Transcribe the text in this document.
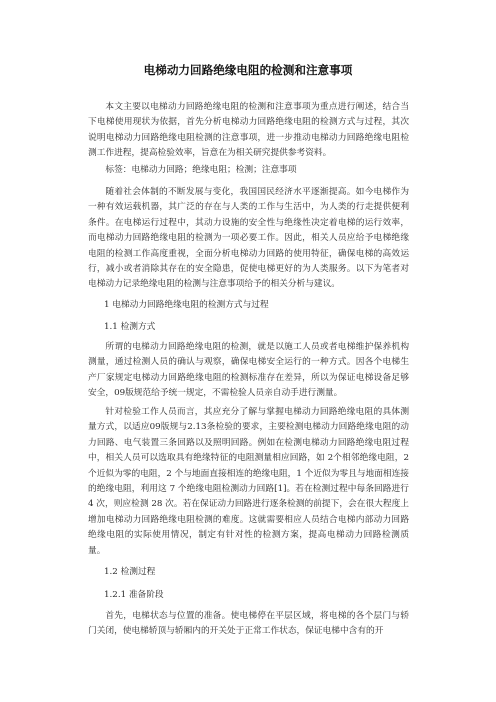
电梯动力回路绝缘电阻的检测和注意事项

本文主要以电梯动力回路绝缘电阻的检测和注意事项为重点进行阐述，结合当下电梯使用现状为依据，首先分析电梯动力回路绝缘电阻的检测方式与过程，其次说明电梯动力回路绝缘电阻检测的注意事项，进一步推动电梯动力回路绝缘电阻检测工作进程，提高检验效率，旨意在为相关研究提供参考资料。

标签：电梯动力回路；绝缘电阻；检测；注意事项

随着社会体制的不断发展与变化，我国国民经济水平逐渐提高。如今电梯作为一种有效运载机器，其广泛的存在与人类的工作与生活中，为人类的行走提供便利条件。在电梯运行过程中，其动力设施的安全性与绝缘性决定着电梯的运行效率，而电梯动力回路绝缘电阻的检测为一项必要工作。因此，相关人员应给予电梯绝缘电阻的检测工作高度重视，全面分析电梯动力回路的使用特征，确保电梯的高效运行，减小或者消除其存在的安全隐患，促使电梯更好的为人类服务。以下为笔者对电梯动力记录绝缘电阻的检测与注意事项给予的相关分析与建议。

1 电梯动力回路绝缘电阻的检测方式与过程

1.1 检测方式

所谓的电梯动力回路绝缘电阻的检测，就是以施工人员或者电梯维护保养机构测量，通过检测人员的确认与观察，确保电梯安全运行的一种方式。因各个电梯生产厂家规定电梯动力回路绝缘电阻的检测标准存在差异，所以为保证电梯设备足够安全，09版规范给予统一规定，不需检验人员亲自动手进行测量。

针对检验工作人员而言，其应充分了解与掌握电梯动力回路绝缘电阻的具体测量方式，以适应09版规与2.13条检验的要求，主要检测电梯动力回路绝缘电阻的动力回路、电气装置三条回路以及照明回路。例如在检测电梯动力回路绝缘电阻过程中，相关人员可以选取具有绝缘特征的电阻测量相应回路，如 2个相邻绝缘电阻，2 个近似为零的电阻，2 个与地面直接相连的绝缘电阻，1 个近似为零且与地面相连接的绝缘电阻，利用这 7 个绝缘电阻检测动力回路[1]。若在检测过程中每条回路进行 4 次，则应检测 28 次。若在保证动力回路进行逐条检测的前提下，会在很大程度上增加电梯动力回路绝缘电阻检测的难度。这就需要相应人员结合电梯内部动力回路绝缘电阻的实际使用情况，制定有针对性的检测方案，提高电梯动力回路检测质量。

1.2 检测过程

1.2.1 准备阶段

首先，电梯状态与位置的准备。使电梯停在平层区域，将电梯的各个层门与轿门关闭，使电梯轿顶与轿厢内的开关处于正常工作状态，保证电梯中含有的开
